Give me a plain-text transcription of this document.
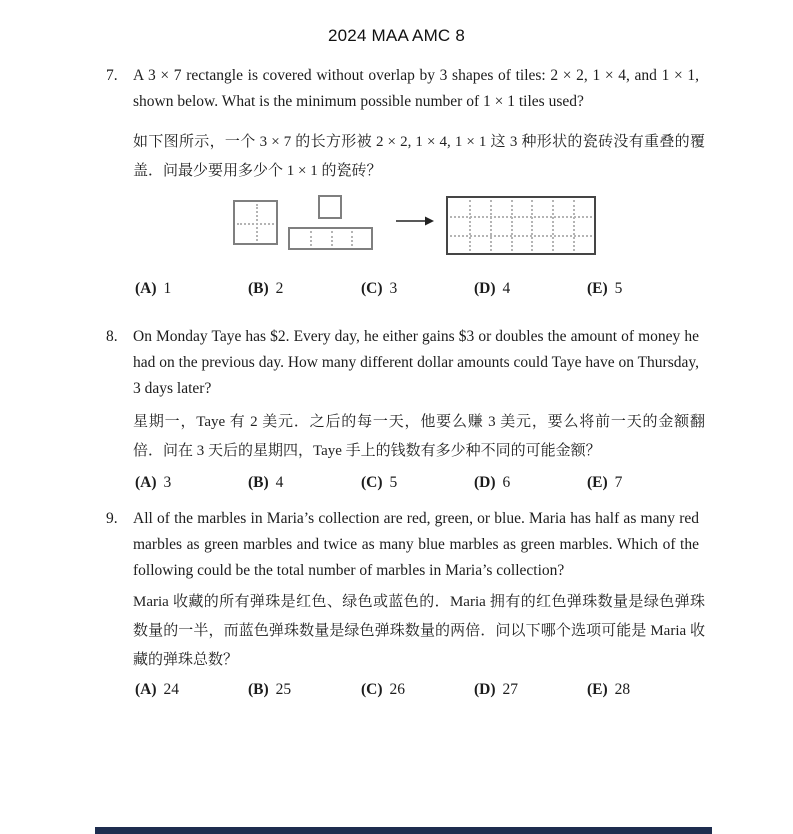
2024 MAA AMC 8
7. A 3 × 7 rectangle is covered without overlap by 3 shapes of tiles: 2 × 2, 1 × 4, and 1 × 1, shown below. What is the minimum possible number of 1 × 1 tiles used?
如下图所示，一个 3 × 7 的长方形被 2 × 2, 1 × 4, 1 × 1 这 3 种形状的瓷砖没有重叠的覆盖．问最少要用多少个 1 × 1 的瓷砖？
(A) 1	(B) 2	(C) 3	(D) 4	(E) 5
8. On Monday Taye has $2. Every day, he either gains $3 or doubles the amount of money he had on the previous day. How many different dollar amounts could Taye have on Thursday, 3 days later?
星期一，Taye 有 2 美元．之后的每一天，他要么赚 3 美元，要么将前一天的金额翻倍．问在 3 天后的星期四，Taye 手上的钱数有多少种不同的可能金额？
(A) 3	(B) 4	(C) 5	(D) 6	(E) 7
9. All of the marbles in Maria’s collection are red, green, or blue. Maria has half as many red marbles as green marbles and twice as many blue marbles as green marbles. Which of the following could be the total number of marbles in Maria’s collection?
Maria 收藏的所有弹珠是红色、绿色或蓝色的．Maria 拥有的红色弹珠数量是绿色弹珠数量的一半，而蓝色弹珠数量是绿色弹珠数量的两倍．问以下哪个选项可能是 Maria 收藏的弹珠总数？
(A) 24	(B) 25	(C) 26	(D) 27	(E) 28
